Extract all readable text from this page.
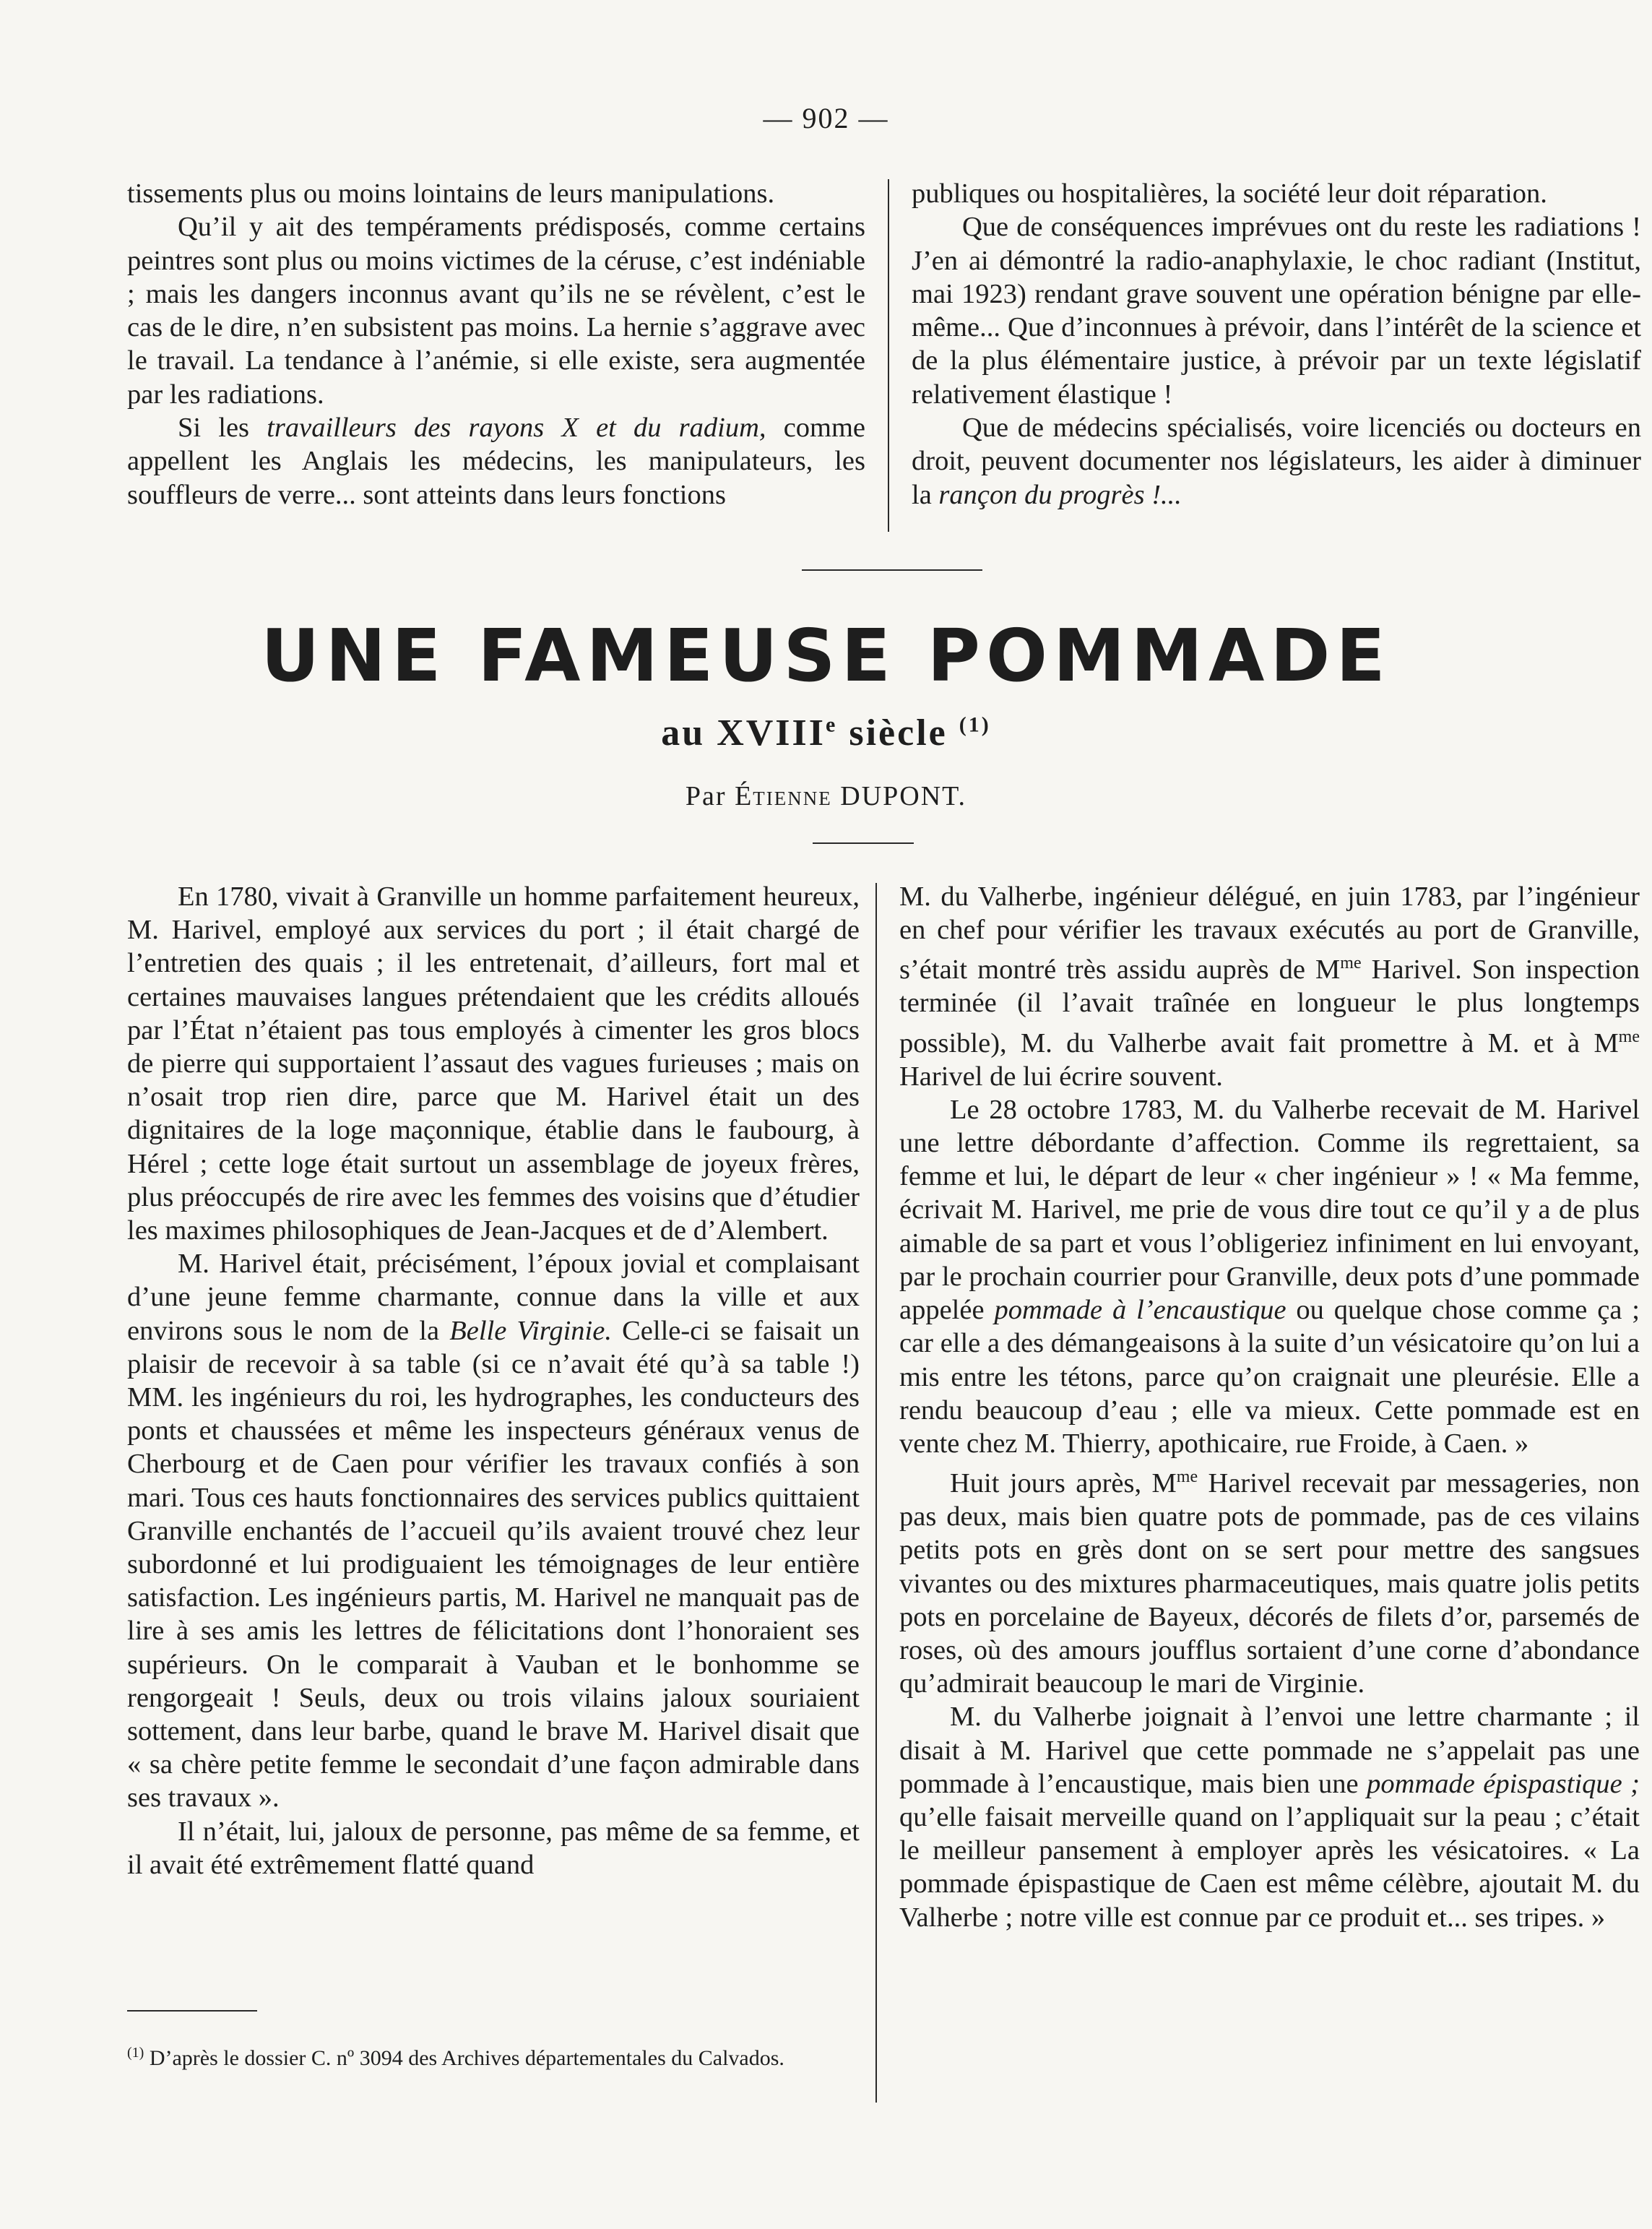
— 902 —

tissements plus ou moins lointains de leurs manipulations.

Qu’il y ait des tempéraments prédisposés, comme certains peintres sont plus ou moins victimes de la céruse, c’est indéniable ; mais les dangers inconnus avant qu’ils ne se révèlent, c’est le cas de le dire, n’en subsistent pas moins. La hernie s’aggrave avec le travail. La tendance à l’anémie, si elle existe, sera augmentée par les radiations.

Si les travailleurs des rayons X et du radium, comme appellent les Anglais les médecins, les manipulateurs, les souffleurs de verre... sont atteints dans leurs fonctions

publiques ou hospitalières, la société leur doit réparation.

Que de conséquences imprévues ont du reste les radiations ! J’en ai démontré la radio-anaphylaxie, le choc radiant (Institut, mai 1923) rendant grave souvent une opération bénigne par elle-même... Que d’inconnues à prévoir, dans l’intérêt de la science et de la plus élémentaire justice, à prévoir par un texte législatif relativement élastique !

Que de médecins spécialisés, voire licenciés ou docteurs en droit, peuvent documenter nos législateurs, les aider à diminuer la rançon du progrès !...

UNE FAMEUSE POMMADE
au XVIIIe siècle $^{(1)}$
Par Étienne DUPONT.

En 1780, vivait à Granville un homme parfaitement heureux, M. Harivel, employé aux services du port ; il était chargé de l’entretien des quais ; il les entretenait, d’ailleurs, fort mal et certaines mauvaises langues prétendaient que les crédits alloués par l’État n’étaient pas tous employés à cimenter les gros blocs de pierre qui supportaient l’assaut des vagues furieuses ; mais on n’osait trop rien dire, parce que M. Harivel était un des dignitaires de la loge maçonnique, établie dans le faubourg, à Hérel ; cette loge était surtout un assemblage de joyeux frères, plus préoccupés de rire avec les femmes des voisins que d’étudier les maximes philosophiques de Jean-Jacques et de d’Alembert.

M. Harivel était, précisément, l’époux jovial et complaisant d’une jeune femme charmante, connue dans la ville et aux environs sous le nom de la Belle Virginie. Celle-ci se faisait un plaisir de recevoir à sa table (si ce n’avait été qu’à sa table !) MM. les ingénieurs du roi, les hydrographes, les conducteurs des ponts et chaussées et même les inspecteurs généraux venus de Cherbourg et de Caen pour vérifier les travaux confiés à son mari. Tous ces hauts fonctionnaires des services publics quittaient Granville enchantés de l’accueil qu’ils avaient trouvé chez leur subordonné et lui prodiguaient les témoignages de leur entière satisfaction. Les ingénieurs partis, M. Harivel ne manquait pas de lire à ses amis les lettres de félicitations dont l’honoraient ses supérieurs. On le comparait à Vauban et le bonhomme se rengorgeait ! Seuls, deux ou trois vilains jaloux souriaient sottement, dans leur barbe, quand le brave M. Harivel disait que « sa chère petite femme le secondait d’une façon admirable dans ses travaux ».

Il n’était, lui, jaloux de personne, pas même de sa femme, et il avait été extrêmement flatté quand

$^{(1)}$ D’après le dossier C. nº 3094 des Archives départementales du Calvados.

M. du Valherbe, ingénieur délégué, en juin 1783, par l’ingénieur en chef pour vérifier les travaux exécutés au port de Granville, s’était montré très assidu auprès de $M^{me}$ Harivel. Son inspection terminée (il l’avait traînée en longueur le plus longtemps possible), M. du Valherbe avait fait promettre à M. et à $M^{me}$ Harivel de lui écrire souvent.

Le 28 octobre 1783, M. du Valherbe recevait de M. Harivel une lettre débordante d’affection. Comme ils regrettaient, sa femme et lui, le départ de leur « cher ingénieur » ! « Ma femme, écrivait M. Harivel, me prie de vous dire tout ce qu’il y a de plus aimable de sa part et vous l’obligeriez infiniment en lui envoyant, par le prochain courrier pour Granville, deux pots d’une pommade appelée pommade à l’encaustique ou quelque chose comme ça ; car elle a des démangeaisons à la suite d’un vésicatoire qu’on lui a mis entre les tétons, parce qu’on craignait une pleurésie. Elle a rendu beaucoup d’eau ; elle va mieux. Cette pommade est en vente chez M. Thierry, apothicaire, rue Froide, à Caen. »

Huit jours après, $M^{me}$ Harivel recevait par messageries, non pas deux, mais bien quatre pots de pommade, pas de ces vilains petits pots en grès dont on se sert pour mettre des sangsues vivantes ou des mixtures pharmaceutiques, mais quatre jolis petits pots en porcelaine de Bayeux, décorés de filets d’or, parsemés de roses, où des amours joufflus sortaient d’une corne d’abondance qu’admirait beaucoup le mari de Virginie.

M. du Valherbe joignait à l’envoi une lettre charmante ; il disait à M. Harivel que cette pommade ne s’appelait pas une pommade à l’encaustique, mais bien une pommade épispastique ; qu’elle faisait merveille quand on l’appliquait sur la peau ; c’était le meilleur pansement à employer après les vésicatoires. « La pommade épispastique de Caen est même célèbre, ajoutait M. du Valherbe ; notre ville est connue par ce produit et... ses tripes. »
